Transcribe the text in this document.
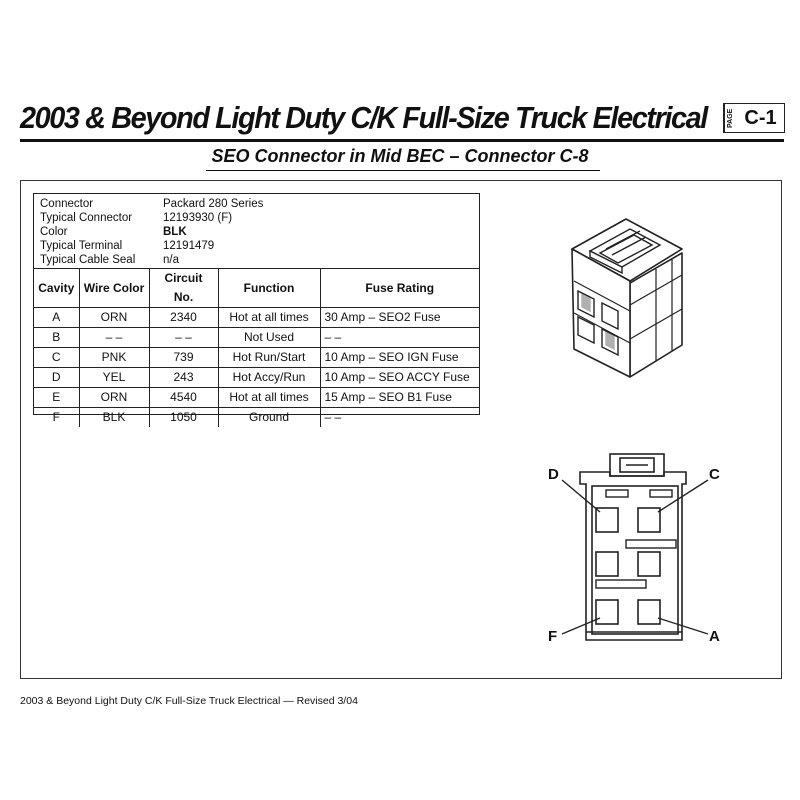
2003 & Beyond Light Duty C/K Full-Size Truck Electrical	PAGE C-1
SEO Connector in Mid BEC – Connector C-8
Connector	Packard 280 Series
Typical Connector	12193930 (F)
Color	BLK
Typical Terminal	12191479
Typical Cable Seal n/a
Cavity	Wire Color	Circuit No.	Function	Fuse Rating
A	ORN	2340	Hot at all times	30 Amp – SEO2 Fuse
B	– –	– –	Not Used	– –
C	PNK	739	Hot Run/Start	10 Amp – SEO IGN Fuse
D	YEL	243	Hot Accy/Run	10 Amp – SEO ACCY Fuse
E	ORN	4540	Hot at all times	15 Amp – SEO B1 Fuse
F	BLK	1050	Ground	– –
D	C
F	A
2003 & Beyond Light Duty C/K Full-Size Truck Electrical — Revised 3/04
